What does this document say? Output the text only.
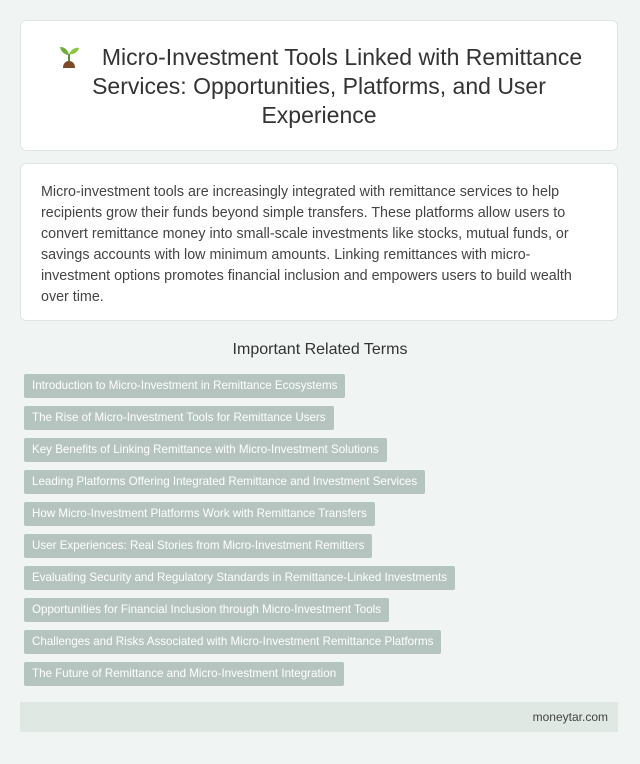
Micro-Investment Tools Linked with Remittance Services: Opportunities, Platforms, and User Experience

Micro-investment tools are increasingly integrated with remittance services to help recipients grow their funds beyond simple transfers. These platforms allow users to convert remittance money into small-scale investments like stocks, mutual funds, or savings accounts with low minimum amounts. Linking remittances with micro-investment options promotes financial inclusion and empowers users to build wealth over time.

Important Related Terms
Introduction to Micro-Investment in Remittance Ecosystems
The Rise of Micro-Investment Tools for Remittance Users
Key Benefits of Linking Remittance with Micro-Investment Solutions
Leading Platforms Offering Integrated Remittance and Investment Services
How Micro-Investment Platforms Work with Remittance Transfers
User Experiences: Real Stories from Micro-Investment Remitters
Evaluating Security and Regulatory Standards in Remittance-Linked Investments
Opportunities for Financial Inclusion through Micro-Investment Tools
Challenges and Risks Associated with Micro-Investment Remittance Platforms
The Future of Remittance and Micro-Investment Integration
moneytar.com
